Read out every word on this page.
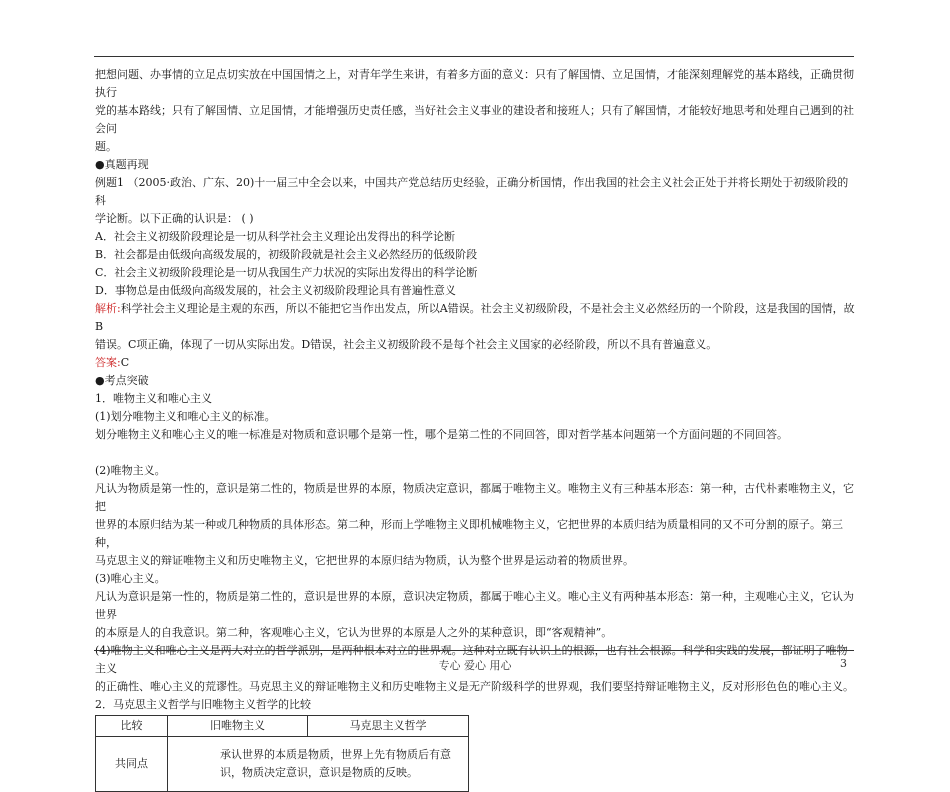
把想问题、办事情的立足点切实放在中国国情之上，对青年学生来讲，有着多方面的意义：只有了解国情、立足国情，才能深刻理解党的基本路线，正确贯彻执行

党的基本路线；只有了解国情、立足国情，才能增强历史责任感，当好社会主义事业的建设者和接班人；只有了解国情，才能较好地思考和处理自己遇到的社会问

题。

●真题再现

例题1 （2005·政治、广东、20)十一届三中全会以来，中国共产党总结历史经验，正确分析国情，作出我国的社会主义社会正处于并将长期处于初级阶段的科

学论断。以下正确的认识是： ( )

A．社会主义初级阶段理论是一切从科学社会主义理论出发得出的科学论断

B．社会都是由低级向高级发展的，初级阶段就是社会主义必然经历的低级阶段

C．社会主义初级阶段理论是一切从我国生产力状况的实际出发得出的科学论断

D．事物总是由低级向高级发展的，社会主义初级阶段理论具有普遍性意义

解析:科学社会主义理论是主观的东西，所以不能把它当作出发点，所以A错误。社会主义初级阶段，不是社会主义必然经历的一个阶段，这是我国的国情，故B

错误。C项正确，体现了一切从实际出发。D错误，社会主义初级阶段不是每个社会主义国家的必经阶段，所以不具有普遍意义。

答案:C

●考点突破

1．唯物主义和唯心主义

(1)划分唯物主义和唯心主义的标准。

划分唯物主义和唯心主义的唯一标准是对物质和意识哪个是第一性，哪个是第二性的不同回答，即对哲学基本问题第一个方面问题的不同回答。

(2)唯物主义。

凡认为物质是第一性的，意识是第二性的，物质是世界的本原，物质决定意识，都属于唯物主义。唯物主义有三种基本形态：第一种，古代朴素唯物主义，它把

世界的本原归结为某一种或几种物质的具体形态。第二种，形而上学唯物主义即机械唯物主义，它把世界的本质归结为质量相同的又不可分割的原子。第三种，

马克思主义的辩证唯物主义和历史唯物主义，它把世界的本原归结为物质，认为整个世界是运动着的物质世界。

(3)唯心主义。

凡认为意识是第一性的，物质是第二性的，意识是世界的本原，意识决定物质，都属于唯心主义。唯心主义有两种基本形态：第一种，主观唯心主义，它认为世界

的本原是人的自我意识。第二种，客观唯心主义，它认为世界的本原是人之外的某种意识，即“客观精神”。

(4)唯物主义和唯心主义是两大对立的哲学派别，是两种根本对立的世界观。这种对立既有认识上的根源，也有社会根源。科学和实践的发展，都证明了唯物主义

的正确性、唯心主义的荒谬性。马克思主义的辩证唯物主义和历史唯物主义是无产阶级科学的世界观，我们要坚持辩证唯物主义，反对形形色色的唯心主义。

2．马克思主义哲学与旧唯物主义哲学的比较

比较	旧唯物主义	马克思主义哲学
共同点	承认世界的本质是物质，世界上先有物质后有意识，物质决定意识，意识是物质的反映。	
专心 爱心 用心	3
